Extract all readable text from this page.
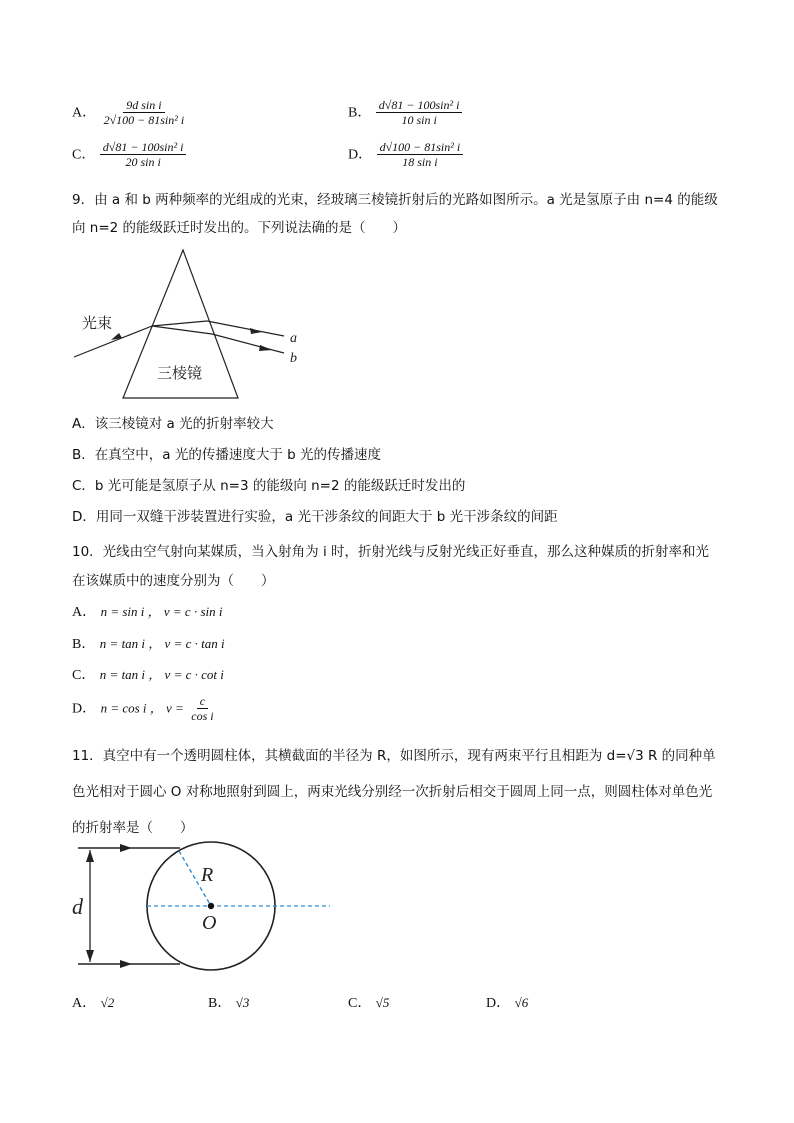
A． $\frac{\text{9d sin i}}{\text{2√100 − 81sin² i}}$	B． $\frac{\text{d√81 − 100sin² i}}{\text{10 sin i}}$
C． $\frac{\text{d√81 − 100sin² i}}{\text{20 sin i}}$	D． $\frac{\text{d√100 − 81sin² i}}{\text{18 sin i}}$
9．由 a 和 b 两种频率的光组成的光束，经玻璃三棱镜折射后的光路如图所示。a 光是氢原子由 n=4 的能级向 n=2 的能级跃迁时发出的。下列说法确的是（　　）
光束
三棱镜
a
b
A．该三棱镜对 a 光的折射率较大
B．在真空中，a 光的传播速度大于 b 光的传播速度
C．b 光可能是氢原子从 n=3 的能级向 n=2 的能级跃迁时发出的
D．用同一双缝干涉装置进行实验，a 光干涉条纹的间距大于 b 光干涉条纹的间距
10．光线由空气射向某媒质，当入射角为 i 时，折射光线与反射光线正好垂直，那么这种媒质的折射率和光在该媒质中的速度分别为（　　）
A． n = sin i ， v = c · sin i
B． n = tan i ， v = c · tan i
C． n = tan i ， v = c · cot i
D． n = cos i ， $v = \frac{c}{\text{cos i}}$
11．真空中有一个透明圆柱体，其横截面的半径为 R，如图所示，现有两束平行且相距为 d=√3 R 的同种单色光相对于圆心 O 对称地照射到圆上，两束光线分别经一次折射后相交于圆周上同一点，则圆柱体对单色光的折射率是（　　）
R
O
d
A． √2	B． √3	C． √5	D． √6
